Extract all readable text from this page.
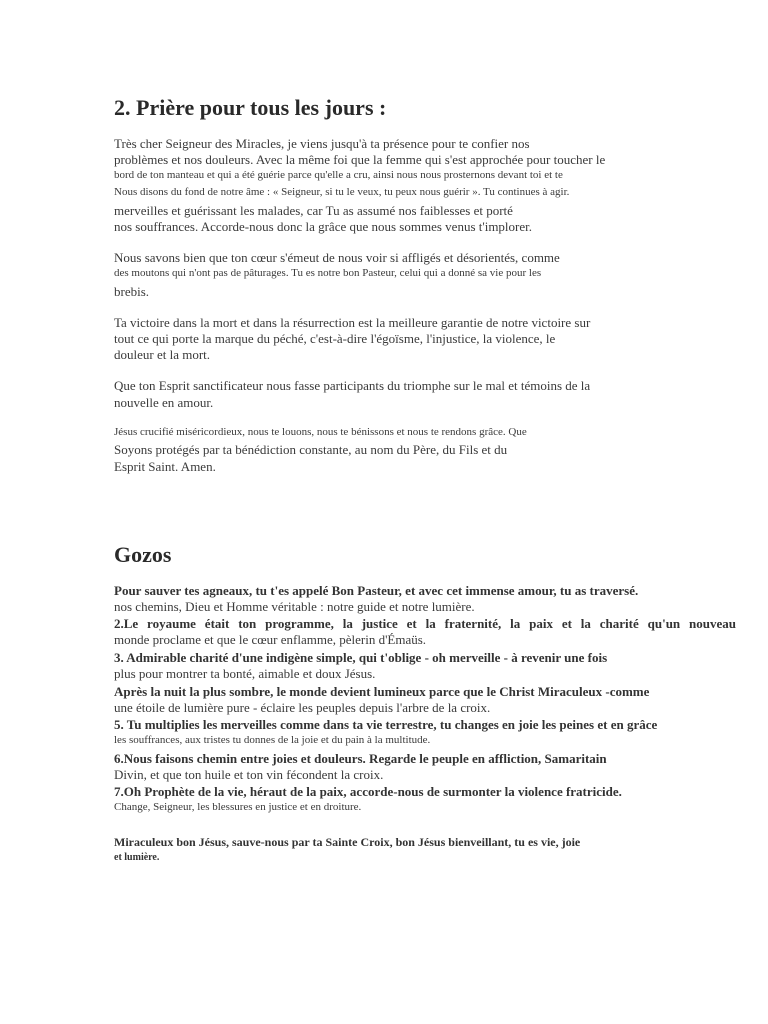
2. Prière pour tous les jours :
Très cher Seigneur des Miracles, je viens jusqu'à ta présence pour te confier nos
problèmes et nos douleurs. Avec la même foi que la femme qui s'est approchée pour toucher le
bord de ton manteau et qui a été guérie parce qu'elle a cru, ainsi nous nous prosternons devant toi et te
Nous disons du fond de notre âme : « Seigneur, si tu le veux, tu peux nous guérir ». Tu continues à agir.
merveilles et guérissant les malades, car Tu as assumé nos faiblesses et porté
nos souffrances. Accorde-nous donc la grâce que nous sommes venus t'implorer.
Nous savons bien que ton cœur s'émeut de nous voir si affligés et désorientés, comme
des moutons qui n'ont pas de pâturages. Tu es notre bon Pasteur, celui qui a donné sa vie pour les
brebis.
Ta victoire dans la mort et dans la résurrection est la meilleure garantie de notre victoire sur
tout ce qui porte la marque du péché, c'est-à-dire l'égoïsme, l'injustice, la violence, le
douleur et la mort.
Que ton Esprit sanctificateur nous fasse participants du triomphe sur le mal et témoins de la
nouvelle en amour.
Jésus crucifié miséricordieux, nous te louons, nous te bénissons et nous te rendons grâce. Que
Soyons protégés par ta bénédiction constante, au nom du Père, du Fils et du
Esprit Saint. Amen.
Gozos
Pour sauver tes agneaux, tu t'es appelé Bon Pasteur, et avec cet immense amour, tu as traversé.
nos chemins, Dieu et Homme véritable : notre guide et notre lumière.
2.Le royaume était ton programme, la justice et la fraternité, la paix et la charité qu'un nouveau
monde proclame et que le cœur enflamme, pèlerin d'Émaüs.
3. Admirable charité d'une indigène simple, qui t'oblige - oh merveille - à revenir une fois
plus pour montrer ta bonté, aimable et doux Jésus.
Après la nuit la plus sombre, le monde devient lumineux parce que le Christ Miraculeux -comme
une étoile de lumière pure - éclaire les peuples depuis l'arbre de la croix.
5. Tu multiplies les merveilles comme dans ta vie terrestre, tu changes en joie les peines et en grâce
les souffrances, aux tristes tu donnes de la joie et du pain à la multitude.
6.Nous faisons chemin entre joies et douleurs. Regarde le peuple en affliction, Samaritain
Divin, et que ton huile et ton vin fécondent la croix.
7.Oh Prophète de la vie, héraut de la paix, accorde-nous de surmonter la violence fratricide.
Change, Seigneur, les blessures en justice et en droiture.
Miraculeux bon Jésus, sauve-nous par ta Sainte Croix, bon Jésus bienveillant, tu es vie, joie
et lumière.
